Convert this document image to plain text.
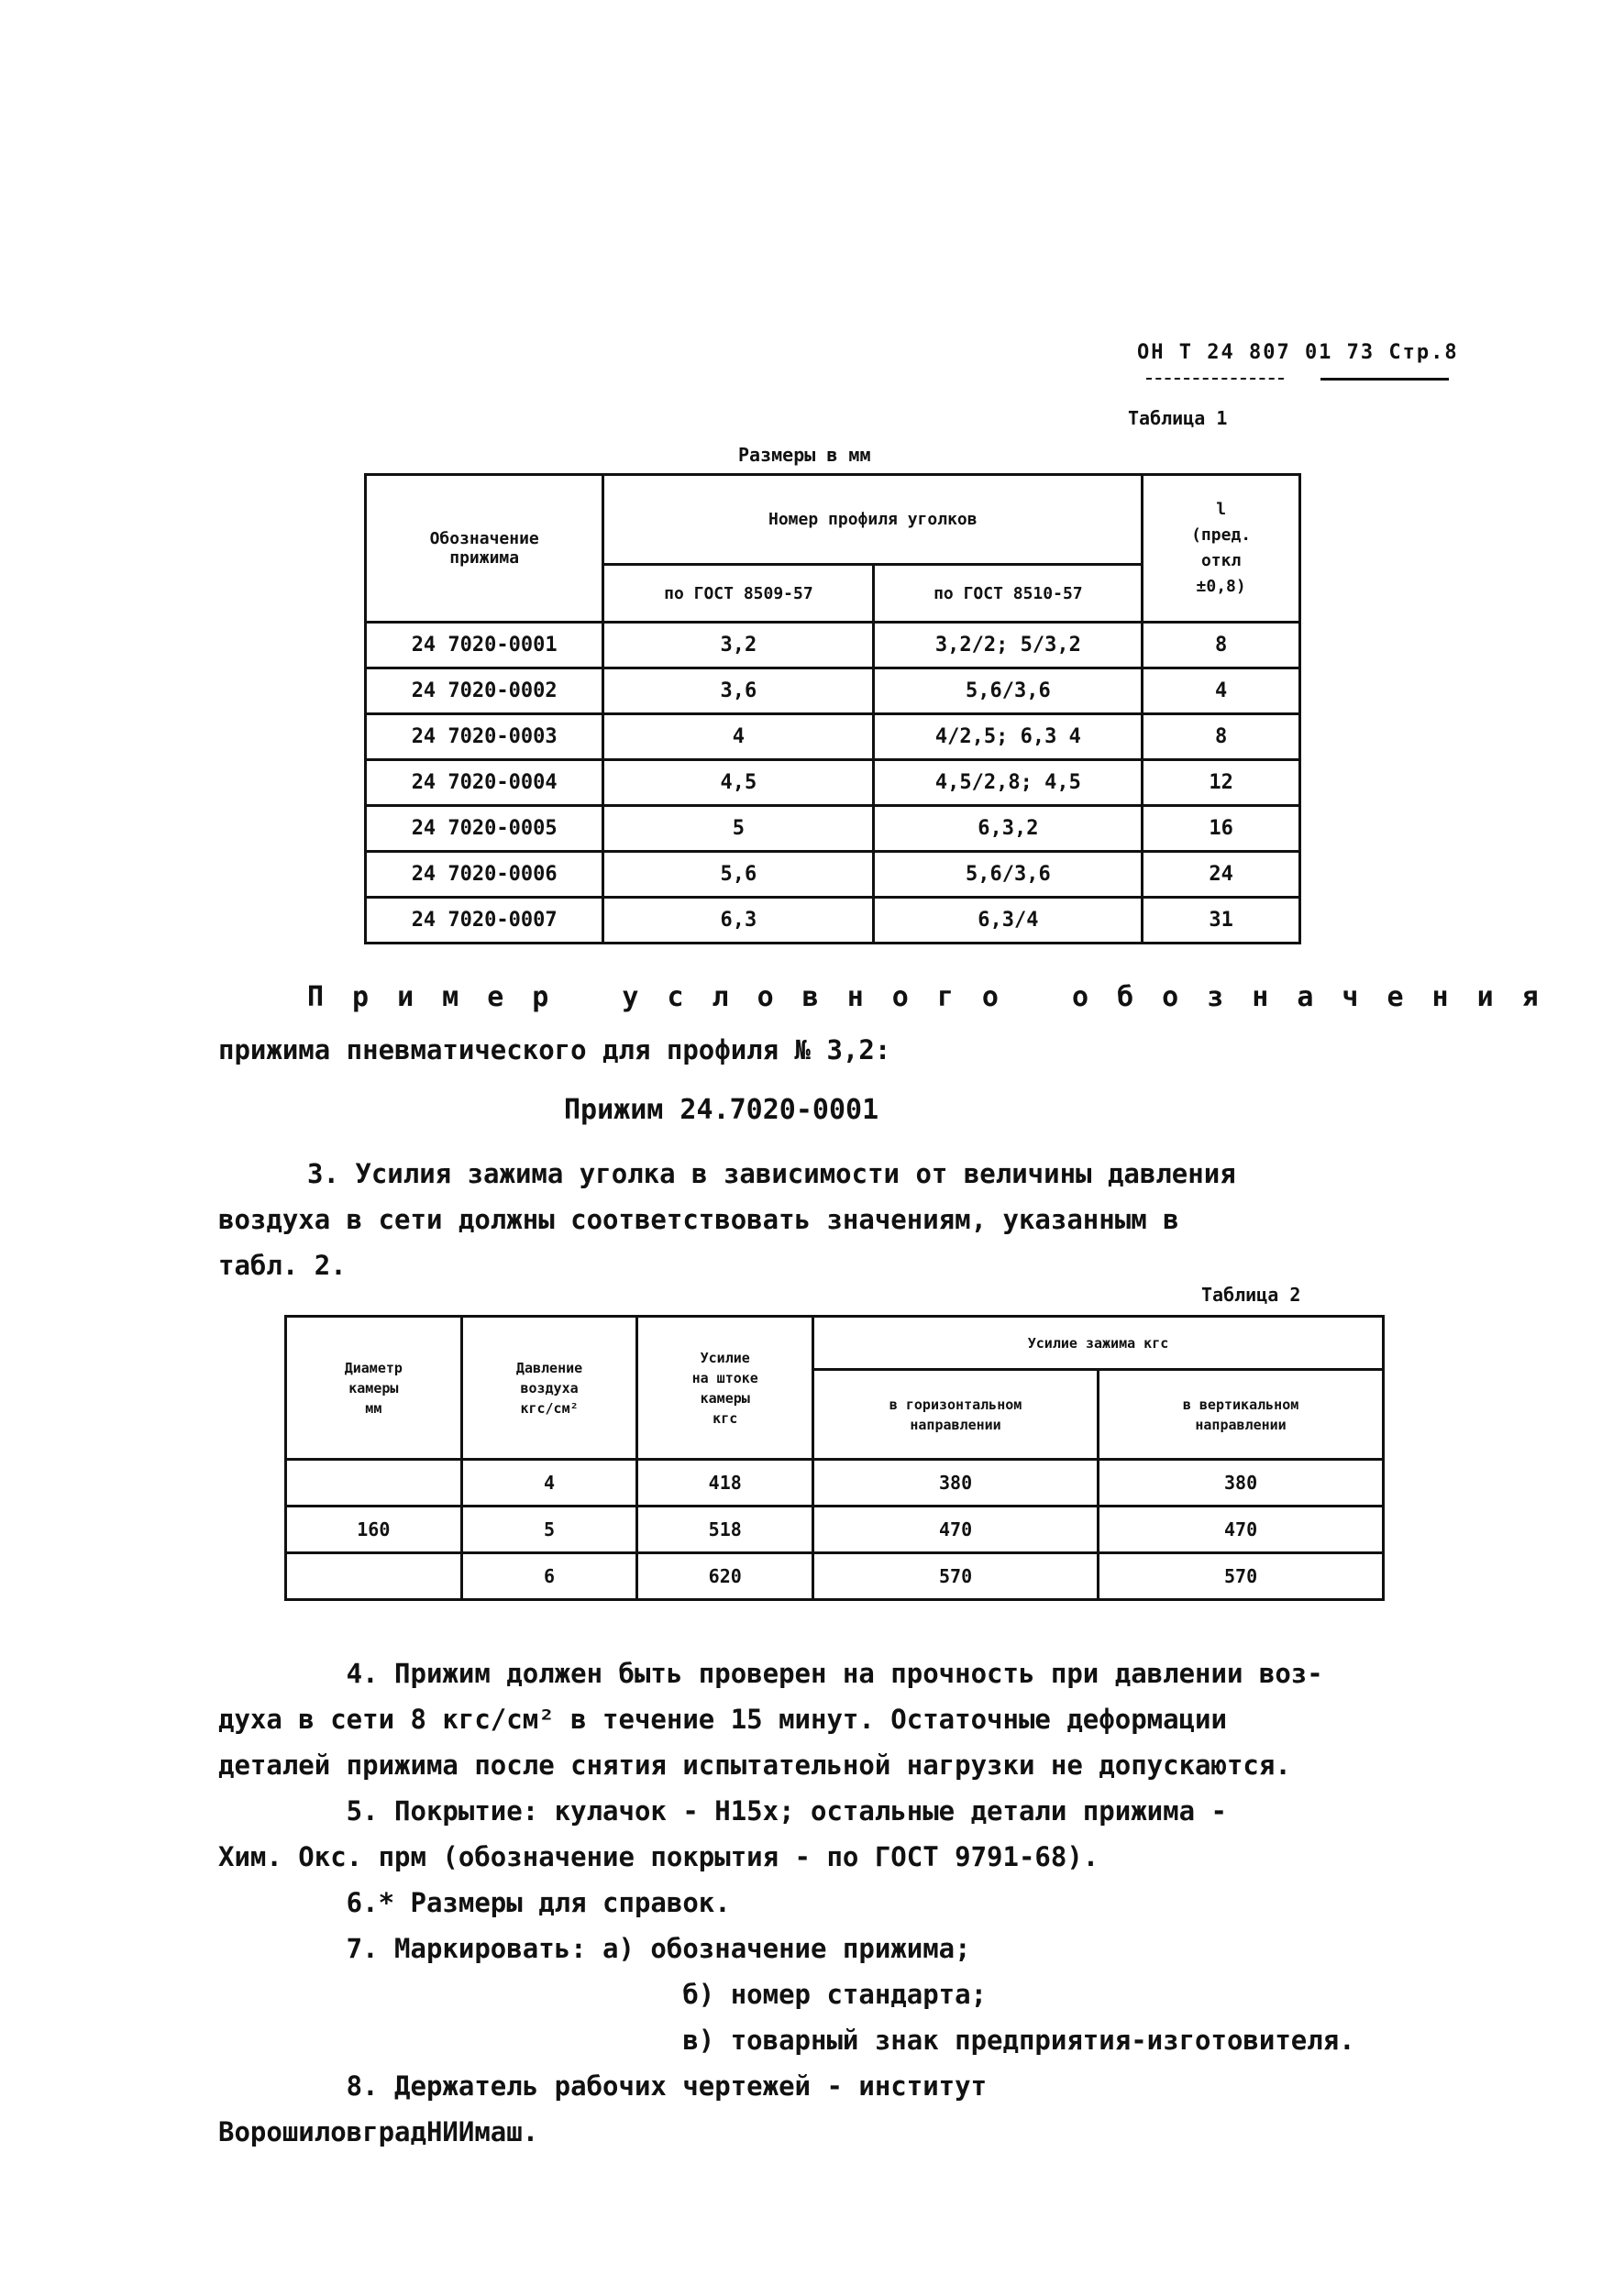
ОН Т 24 807 01 73 Стр.8
Таблица 1
Размеры в мм
Обозначение
прижима	Номер профиля уголков		l
(пред.
откл
±0,8)
	по ГОСТ 8509-57	по ГОСТ 8510-57	
24 7020-0001	3,2	3,2/2; 5/3,2	8
24 7020-0002	3,6	5,6/3,6	4
24 7020-0003	4	4/2,5; 6,3 4	8
24 7020-0004	4,5	4,5/2,8; 4,5	12
24 7020-0005	5	6,3,2	16
24 7020-0006	5,6	5,6/3,6	24
24 7020-0007	6,3	6,3/4	31
Пример условного обозначения
прижима пневматического для профиля № 3,2:
Прижим 24.7020-0001
3. Усилия зажима уголка в зависимости от величины давления
воздуха в сети должны соответствовать значениям, указанным в
табл. 2.
Таблица 2
Диаметр
камеры
мм	Давление
воздуха
кгс/см²	Усилие
на штоке
камеры
кгс	Усилие зажима кгс	
			в горизонтальном
направлении	в вертикальном
направлении
	4	418	380	380
160	5	518	470	470
	6	620	570	570
4. Прижим должен быть проверен на прочность при давлении воз-
духа в сети 8 кгс/см² в течение 15 минут. Остаточные деформации
деталей прижима после снятия испытательной нагрузки не допускаются.
5. Покрытие: кулачок - Н15х; остальные детали прижима -
Хим. Окс. прм (обозначение покрытия - по ГОСТ 9791-68).
6.* Размеры для справок.
7. Маркировать: а) обозначение прижима;
б) номер стандарта;
в) товарный знак предприятия-изготовителя.
8. Держатель рабочих чертежей - институт
ВорошиловградНИИмаш.
